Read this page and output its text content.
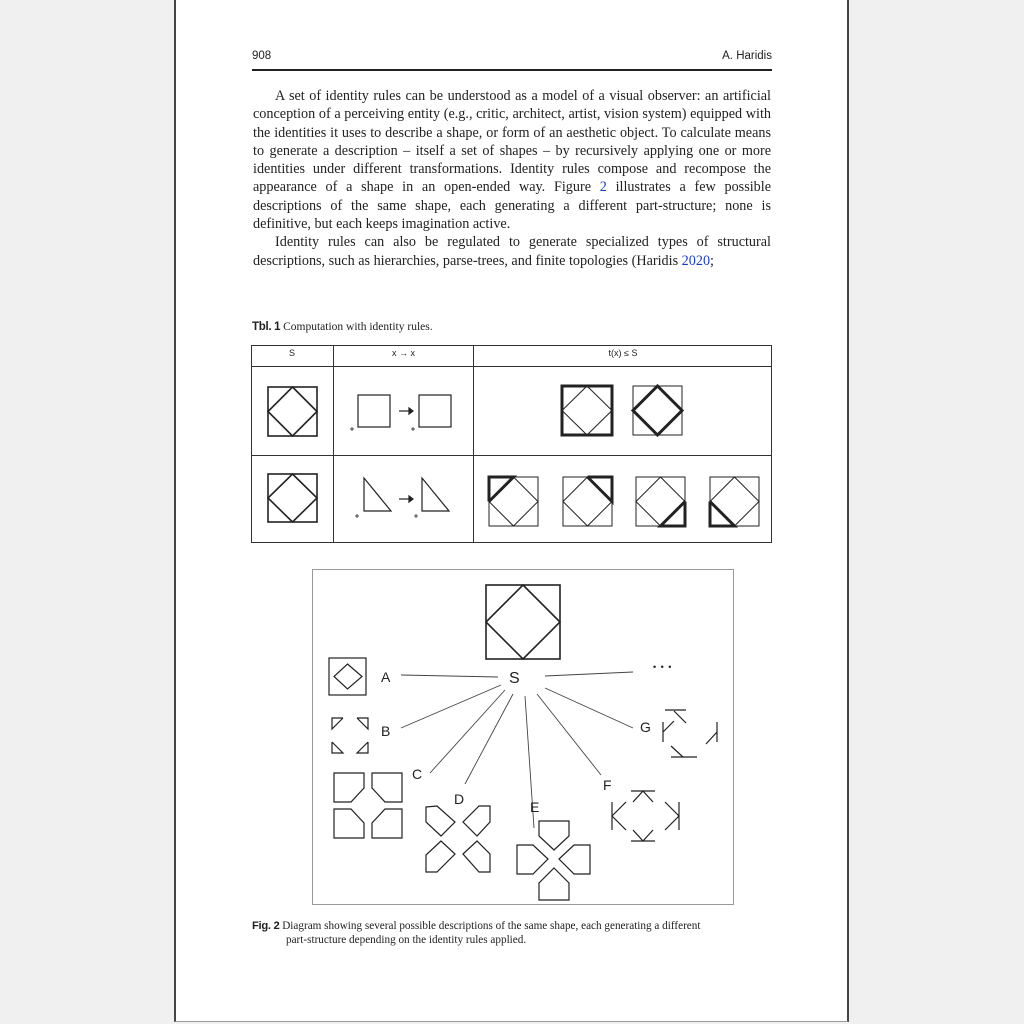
908	A. Haridis

A set of identity rules can be understood as a model of a visual observer: an artificial conception of a perceiving entity (e.g., critic, architect, artist, vision system) equipped with the identities it uses to describe a shape, or form of an aesthetic object. To calculate means to generate a description – itself a set of shapes – by recursively applying one or more identities under different transformations. Identity rules compose and recompose the appearance of a shape in an open-ended way. Figure 2 illustrates a few possible descriptions of the same shape, each generating a different part-structure; none is definitive, but each keeps imagination active.

Identity rules can also be regulated to generate specialized types of structural descriptions, such as hierarchies, parse-trees, and finite topologies (Haridis 2020;

Tbl. 1 Computation with identity rules.
S	x → x	t(x) ≤ S
S
A
B
C
D	E
F
G
• • •
Fig. 2 Diagram showing several possible descriptions of the same shape, each generating a different
part-structure depending on the identity rules applied.
